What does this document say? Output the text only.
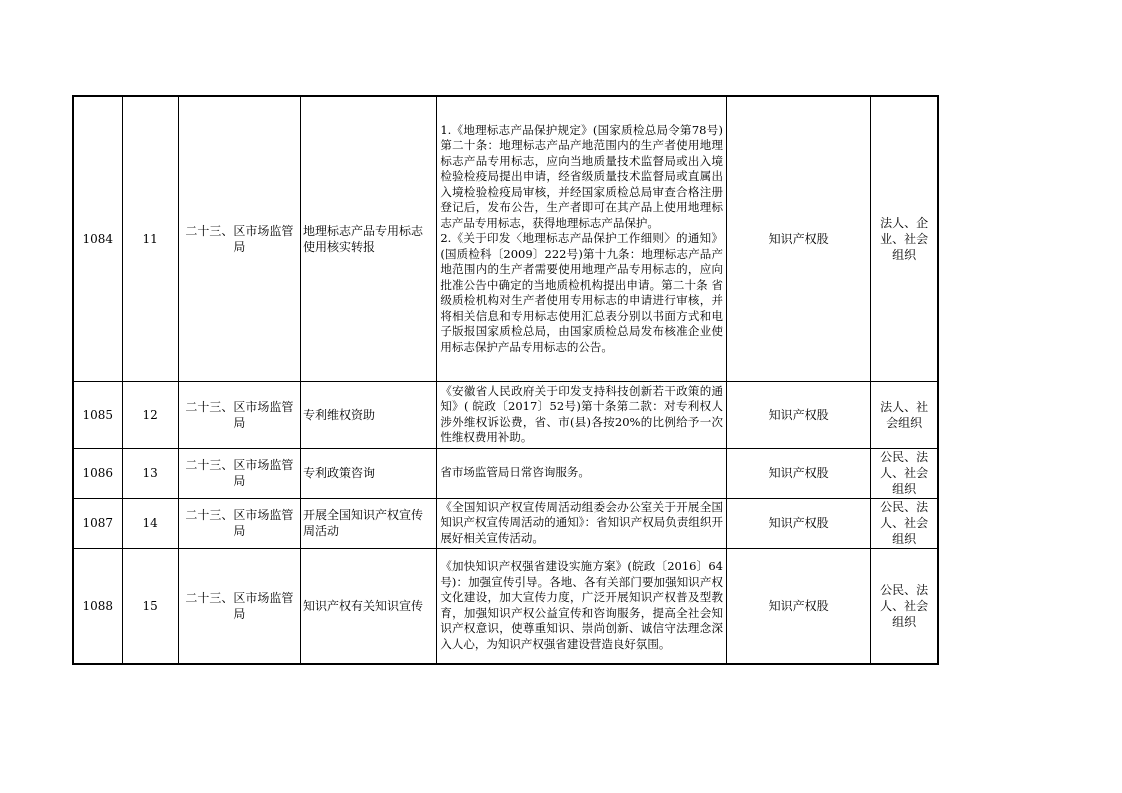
1084	11	二十三、区市场监管局	地理标志产品专用标志使用核实转报	1.《地理标志产品保护规定》(国家质检总局令第78号)第二十条：地理标志产品产地范围内的生产者使用地理标志产品专用标志，应向当地质量技术监督局或出入境检验检疫局提出申请，经省级质量技术监督局或直属出入境检验检疫局审核，并经国家质检总局审查合格注册登记后，发布公告，生产者即可在其产品上使用地理标志产品专用标志，获得地理标志产品保护。
2.《关于印发〈地理标志产品保护工作细则〉的通知》(国质检科〔2009〕222号)第十九条：地理标志产品产地范围内的生产者需要使用地理产品专用标志的，应向批准公告中确定的当地质检机构提出申请。第二十条 省级质检机构对生产者使用专用标志的申请进行审核，并将相关信息和专用标志使用汇总表分别以书面方式和电子版报国家质检总局，由国家质检总局发布核准企业使用标志保护产品专用标志的公告。	知识产权股	法人、企业、社会组织
1085	12	二十三、区市场监管局	专利维权资助	《安徽省人民政府关于印发支持科技创新若干政策的通知》( 皖政〔2017〕52号)第十条第二款：对专利权人涉外维权诉讼费，省、市(县)各按20%的比例给予一次性维权费用补助。	知识产权股	法人、社会组织
1086	13	二十三、区市场监管局	专利政策咨询	省市场监管局日常咨询服务。	知识产权股	公民、法人、社会组织
1087	14	二十三、区市场监管局	开展全国知识产权宣传周活动	《全国知识产权宣传周活动组委会办公室关于开展全国知识产权宣传周活动的通知》：省知识产权局负责组织开展好相关宣传活动。	知识产权股	公民、法人、社会组织
1088	15	二十三、区市场监管局	知识产权有关知识宣传	《加快知识产权强省建设实施方案》(皖政〔2016〕64号)：加强宣传引导。各地、各有关部门要加强知识产权文化建设，加大宣传力度，广泛开展知识产权普及型教育，加强知识产权公益宣传和咨询服务，提高全社会知识产权意识，使尊重知识、崇尚创新、诚信守法理念深入人心，为知识产权强省建设营造良好氛围。	知识产权股	公民、法人、社会组织
